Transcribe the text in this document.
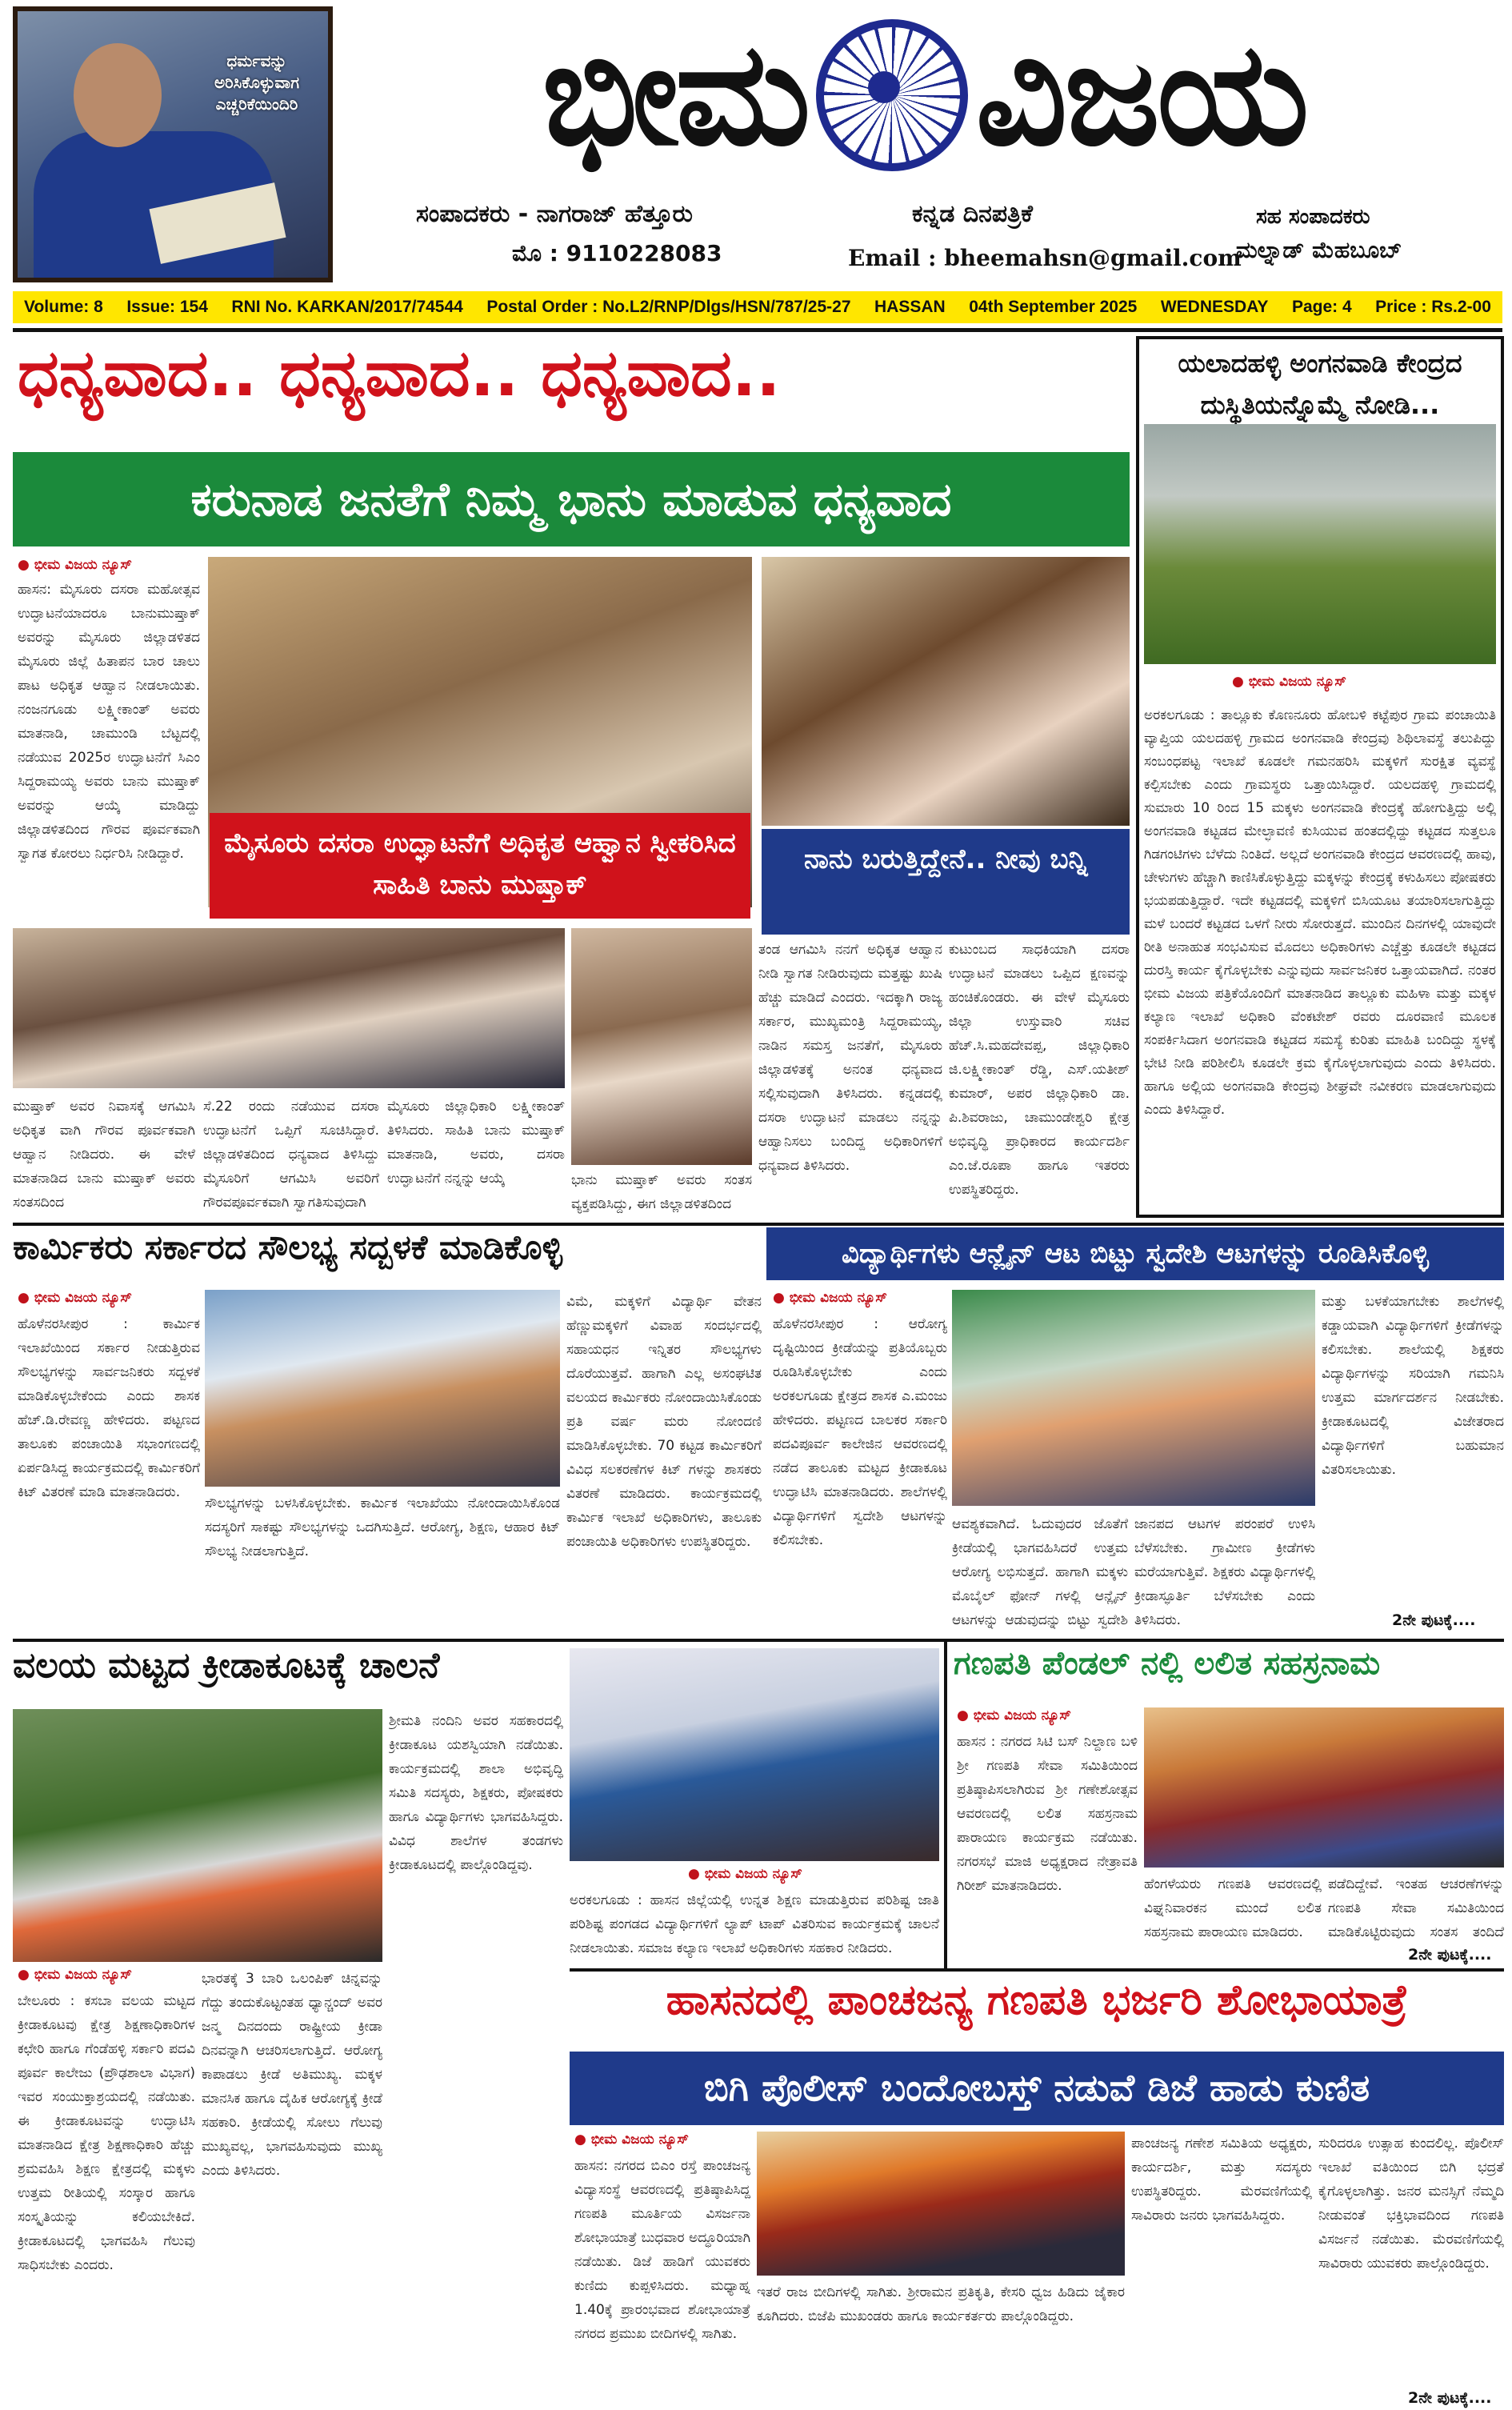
ಧರ್ಮವನ್ನು
ಅರಿಸಿಕೊಳ್ಳುವಾಗ
ಎಚ್ಚರಿಕೆಯಿಂದಿರಿ ಭೀಮ ವಿಜಯ
ಸಂಪಾದಕರು - ನಾಗರಾಜ್ ಹೆತ್ತೂರು
ಮೊ : 9110228083
ಕನ್ನಡ ದಿನಪತ್ರಿಕೆ
Email : bheemahsn@gmail.com
ಸಹ ಸಂಪಾದಕರು
ಮಲ್ನಾಡ್ ಮೆಹಬೂಬ್
Volume: 8 Issue: 154 RNI No. KARKAN/2017/74544 Postal Order : No.L2/RNP/Dlgs/HSN/787/25-27 HASSAN 04th September 2025 WEDNESDAY Page: 4 Price : Rs.2-00
ಧನ್ಯವಾದ.. ಧನ್ಯವಾದ.. ಧನ್ಯವಾದ..
ಕರುನಾಡ ಜನತೆಗೆ ನಿಮ್ಮ ಭಾನು ಮಾಡುವ ಧನ್ಯವಾದ
● ಭೀಮ ವಿಜಯ ನ್ಯೂಸ್
ಹಾಸನ: ಮೈಸೂರು ದಸರಾ ಮಹೋತ್ಸವ ಉದ್ಘಾಟನೆಯಾದರೂ ಬಾನುಮುಷ್ತಾಕ್ ಅವರನ್ನು ಮೈಸೂರು ಜಿಲ್ಲಾಡಳಿತದ ಮೈಸೂರು ಜಿಲ್ಲೆ ಹಿತಾಪನ ಬಾರ ಚಾಲು ಪಾಟ ಅಧಿಕೃತ ಆಹ್ವಾನ ನೀಡಲಾಯಿತು. ನಂಜನಗೂಡು ಲಕ್ಷ್ಮೀಕಾಂತ್ ಅವರು ಮಾತನಾಡಿ, ಚಾಮುಂಡಿ ಬೆಟ್ಟದಲ್ಲಿ ನಡೆಯುವ 2025ರ ಉದ್ಘಾಟನೆಗೆ ಸಿಎಂ ಸಿದ್ದರಾಮಯ್ಯ ಅವರು ಬಾನು ಮುಷ್ತಾಕ್ ಅವರನ್ನು ಆಯ್ಕೆ ಮಾಡಿದ್ದು ಜಿಲ್ಲಾಡಳಿತದಿಂದ ಗೌರವ ಪೂರ್ವಕವಾಗಿ ಸ್ವಾಗತ ಕೋರಲು ನಿರ್ಧರಿಸಿ ನೀಡಿದ್ದಾರೆ.	ಮೈಸೂರು ದಸರಾ ಉದ್ಘಾಟನೆಗೆ ಅಧಿಕೃತ ಆಹ್ವಾನ ಸ್ವೀಕರಿಸಿದ ಸಾಹಿತಿ ಬಾನು ಮುಷ್ತಾಕ್
ನಾನು ಬರುತ್ತಿದ್ದೇನೆ.. ನೀವು ಬನ್ನಿ
ಮುಷ್ತಾಕ್ ಅವರ ನಿವಾಸಕ್ಕೆ ಆಗಮಿಸಿ ಅಧಿಕೃತ ವಾಗಿ ಗೌರವ ಪೂರ್ವಕವಾಗಿ ಆಹ್ವಾನ ನೀಡಿದರು. ಈ ವೇಳೆ ಮಾತನಾಡಿದ ಬಾನು ಮುಷ್ತಾಕ್ ಅವರು ಸಂತಸದಿಂದ
ಸೆ.22 ರಂದು ನಡೆಯುವ ದಸರಾ ಉದ್ಘಾಟನೆಗೆ ಒಪ್ಪಿಗೆ ಸೂಚಿಸಿದ್ದಾರೆ. ಜಿಲ್ಲಾಡಳಿತದಿಂದ ಧನ್ಯವಾದ ತಿಳಿಸಿದ್ದು ಮೈಸೂರಿಗೆ ಆಗಮಿಸಿ ಅವರಿಗೆ ಗೌರವಪೂರ್ವಕವಾಗಿ ಸ್ವಾಗತಿಸುವುದಾಗಿ
ಮೈಸೂರು ಜಿಲ್ಲಾಧಿಕಾರಿ ಲಕ್ಷ್ಮೀಕಾಂತ್ ತಿಳಿಸಿದರು. ಸಾಹಿತಿ ಬಾನು ಮುಷ್ತಾಕ್ ಮಾತನಾಡಿ, ಅವರು, ದಸರಾ ಉದ್ಘಾಟನೆಗೆ ನನ್ನನ್ನು ಆಯ್ಕೆ	ಭಾನು ಮುಷ್ತಾಕ್ ಅವರು ಸಂತಸ ವ್ಯಕ್ತಪಡಿಸಿದ್ದು, ಈಗ ಜಿಲ್ಲಾಡಳಿತದಿಂದ
ತಂಡ ಆಗಮಿಸಿ ನನಗೆ ಅಧಿಕೃತ ಆಹ್ವಾನ ನೀಡಿ ಸ್ವಾಗತ ನೀಡಿರುವುದು ಮತ್ತಷ್ಟು ಖುಷಿ ಹೆಚ್ಚು ಮಾಡಿದೆ ಎಂದರು. ಇದಕ್ಕಾಗಿ ರಾಜ್ಯ ಸರ್ಕಾರ, ಮುಖ್ಯಮಂತ್ರಿ ಸಿದ್ದರಾಮಯ್ಯ, ನಾಡಿನ ಸಮಸ್ತ ಜನತೆಗೆ, ಮೈಸೂರು ಜಿಲ್ಲಾಡಳಿತಕ್ಕೆ ಅನಂತ ಧನ್ಯವಾದ ಸಲ್ಲಿಸುವುದಾಗಿ ತಿಳಿಸಿದರು. ಕನ್ನಡದಲ್ಲಿ ದಸರಾ ಉದ್ಘಾಟನೆ ಮಾಡಲು ನನ್ನನ್ನು ಆಹ್ವಾನಿಸಲು ಬಂದಿದ್ದ ಅಧಿಕಾರಿಗಳಿಗೆ ಧನ್ಯವಾದ ತಿಳಿಸಿದರು.
ಕುಟುಂಬದ ಸಾಧಕಿಯಾಗಿ ದಸರಾ ಉದ್ಘಾಟನೆ ಮಾಡಲು ಒಪ್ಪಿದ ಕ್ಷಣವನ್ನು ಹಂಚಿಕೊಂಡರು. ಈ ವೇಳೆ ಮೈಸೂರು ಜಿಲ್ಲಾ ಉಸ್ತುವಾರಿ ಸಚಿವ ಹೆಚ್.ಸಿ.ಮಹದೇವಪ್ಪ, ಜಿಲ್ಲಾಧಿಕಾರಿ ಜಿ.ಲಕ್ಷ್ಮೀಕಾಂತ್ ರೆಡ್ಡಿ, ಎಸ್.ಯತೀಶ್ ಕುಮಾರ್, ಅಪರ ಜಿಲ್ಲಾಧಿಕಾರಿ ಡಾ. ಪಿ.ಶಿವರಾಜು, ಚಾಮುಂಡೇಶ್ವರಿ ಕ್ಷೇತ್ರ ಅಭಿವೃದ್ಧಿ ಪ್ರಾಧಿಕಾರದ ಕಾರ್ಯದರ್ಶಿ ಎಂ.ಜೆ.ರೂಪಾ ಹಾಗೂ ಇತರರು ಉಪಸ್ಥಿತರಿದ್ದರು.
ಯಲಾದಹಳ್ಳಿ ಅಂಗನವಾಡಿ ಕೇಂದ್ರದ
ದುಸ್ಥಿತಿಯನ್ನೊಮ್ಮೆ ನೋಡಿ...
● ಭೀಮ ವಿಜಯ ನ್ಯೂಸ್
ಅರಕಲಗೂಡು : ತಾಲ್ಲೂಕು ಕೊಣನೂರು ಹೋಬಳಿ ಕಟ್ಟೆಪುರ ಗ್ರಾಮ ಪಂಚಾಯಿತಿ ವ್ಯಾಪ್ತಿಯ ಯಲದಹಳ್ಳಿ ಗ್ರಾಮದ ಅಂಗನವಾಡಿ ಕೇಂದ್ರವು ಶಿಥಿಲಾವಸ್ಥೆ ತಲುಪಿದ್ದು ಸಂಬಂಧಪಟ್ಟ ಇಲಾಖೆ ಕೂಡಲೇ ಗಮನಹರಿಸಿ ಮಕ್ಕಳಿಗೆ ಸುರಕ್ಷಿತ ವ್ಯವಸ್ಥೆ ಕಲ್ಪಿಸಬೇಕು ಎಂದು ಗ್ರಾಮಸ್ಥರು ಒತ್ತಾಯಿಸಿದ್ದಾರೆ. ಯಲದಹಳ್ಳಿ ಗ್ರಾಮದಲ್ಲಿ ಸುಮಾರು 10 ರಿಂದ 15 ಮಕ್ಕಳು ಅಂಗನವಾಡಿ ಕೇಂದ್ರಕ್ಕೆ ಹೋಗುತ್ತಿದ್ದು ಅಲ್ಲಿ ಅಂಗನವಾಡಿ ಕಟ್ಟಡದ ಮೇಲ್ಛಾವಣಿ ಕುಸಿಯುವ ಹಂತದಲ್ಲಿದ್ದು ಕಟ್ಟಡದ ಸುತ್ತಲೂ ಗಿಡಗಂಟಿಗಳು ಬೆಳೆದು ನಿಂತಿದೆ. ಅಲ್ಲದೆ ಅಂಗನವಾಡಿ ಕೇಂದ್ರದ ಆವರಣದಲ್ಲಿ ಹಾವು, ಚೇಳುಗಳು ಹೆಚ್ಚಾಗಿ ಕಾಣಿಸಿಕೊಳ್ಳುತ್ತಿದ್ದು ಮಕ್ಕಳನ್ನು ಕೇಂದ್ರಕ್ಕೆ ಕಳುಹಿಸಲು ಪೋಷಕರು ಭಯಪಡುತ್ತಿದ್ದಾರೆ. ಇದೇ ಕಟ್ಟಡದಲ್ಲಿ ಮಕ್ಕಳಿಗೆ ಬಿಸಿಯೂಟ ತಯಾರಿಸಲಾಗುತ್ತಿದ್ದು ಮಳೆ ಬಂದರೆ ಕಟ್ಟಡದ ಒಳಗೆ ನೀರು ಸೋರುತ್ತದೆ. ಮುಂದಿನ ದಿನಗಳಲ್ಲಿ ಯಾವುದೇ ರೀತಿ ಅನಾಹುತ ಸಂಭವಿಸುವ ಮೊದಲು ಅಧಿಕಾರಿಗಳು ಎಚ್ಚೆತ್ತು ಕೂಡಲೇ ಕಟ್ಟಡದ ದುರಸ್ತಿ ಕಾರ್ಯ ಕೈಗೊಳ್ಳಬೇಕು ಎನ್ನುವುದು ಸಾರ್ವಜನಿಕರ ಒತ್ತಾಯವಾಗಿದೆ. ನಂತರ ಭೀಮ ವಿಜಯ ಪತ್ರಿಕೆಯೊಂದಿಗೆ ಮಾತನಾಡಿದ ತಾಲ್ಲೂಕು ಮಹಿಳಾ ಮತ್ತು ಮಕ್ಕಳ ಕಲ್ಯಾಣ ಇಲಾಖೆ ಅಧಿಕಾರಿ ವೆಂಕಟೇಶ್ ರವರು ದೂರವಾಣಿ ಮೂಲಕ ಸಂಪರ್ಕಿಸಿದಾಗ ಅಂಗನವಾಡಿ ಕಟ್ಟಡದ ಸಮಸ್ಯೆ ಕುರಿತು ಮಾಹಿತಿ ಬಂದಿದ್ದು ಸ್ಥಳಕ್ಕೆ ಭೇಟಿ ನೀಡಿ ಪರಿಶೀಲಿಸಿ ಕೂಡಲೇ ಕ್ರಮ ಕೈಗೊಳ್ಳಲಾಗುವುದು ಎಂದು ತಿಳಿಸಿದರು. ಹಾಗೂ ಅಲ್ಲಿಯ ಅಂಗನವಾಡಿ ಕೇಂದ್ರವು ಶೀಘ್ರವೇ ನವೀಕರಣ ಮಾಡಲಾಗುವುದು ಎಂದು ತಿಳಿಸಿದ್ದಾರೆ.
ಕಾರ್ಮಿಕರು ಸರ್ಕಾರದ ಸೌಲಭ್ಯ ಸದ್ಬಳಕೆ ಮಾಡಿಕೊಳ್ಳಿ
● ಭೀಮ ವಿಜಯ ನ್ಯೂಸ್
ಹೊಳೆನರಸೀಪುರ : ಕಾರ್ಮಿಕ ಇಲಾಖೆಯಿಂದ ಸರ್ಕಾರ ನೀಡುತ್ತಿರುವ ಸೌಲಭ್ಯಗಳನ್ನು ಸಾರ್ವಜನಿಕರು ಸದ್ಬಳಕೆ ಮಾಡಿಕೊಳ್ಳಬೇಕೆಂದು ಎಂದು ಶಾಸಕ ಹೆಚ್.ಡಿ.ರೇವಣ್ಣ ಹೇಳಿದರು. ಪಟ್ಟಣದ ತಾಲೂಕು ಪಂಚಾಯಿತಿ ಸಭಾಂಗಣದಲ್ಲಿ ಏರ್ಪಡಿಸಿದ್ದ ಕಾರ್ಯಕ್ರಮದಲ್ಲಿ ಕಾರ್ಮಿಕರಿಗೆ ಕಿಟ್ ವಿತರಣೆ ಮಾಡಿ ಮಾತನಾಡಿದರು.
ಸೌಲಭ್ಯಗಳನ್ನು ಬಳಸಿಕೊಳ್ಳಬೇಕು. ಕಾರ್ಮಿಕ ಇಲಾಖೆಯು ನೋಂದಾಯಿಸಿಕೊಂಡ ಸದಸ್ಯರಿಗೆ ಸಾಕಷ್ಟು ಸೌಲಭ್ಯಗಳನ್ನು ಒದಗಿಸುತ್ತಿದೆ. ಆರೋಗ್ಯ, ಶಿಕ್ಷಣ, ಆಹಾರ ಕಿಟ್ ಸೌಲಭ್ಯ ನೀಡಲಾಗುತ್ತಿದೆ.
ವಿಮೆ, ಮಕ್ಕಳಿಗೆ ವಿದ್ಯಾರ್ಥಿ ವೇತನ ಹೆಣ್ಣುಮಕ್ಕಳಿಗೆ ವಿವಾಹ ಸಂದರ್ಭದಲ್ಲಿ ಸಹಾಯಧನ ಇನ್ನಿತರ ಸೌಲಭ್ಯಗಳು ದೊರೆಯುತ್ತವೆ. ಹಾಗಾಗಿ ಎಲ್ಲ ಅಸಂಘಟಿತ ವಲಯದ ಕಾರ್ಮಿಕರು ನೋಂದಾಯಿಸಿಕೊಂಡು ಪ್ರತಿ ವರ್ಷ ಮರು ನೋಂದಣಿ ಮಾಡಿಸಿಕೊಳ್ಳಬೇಕು. 70 ಕಟ್ಟಡ ಕಾರ್ಮಿಕರಿಗೆ ವಿವಿಧ ಸಲಕರಣೆಗಳ ಕಿಟ್ ಗಳನ್ನು ಶಾಸಕರು ವಿತರಣೆ ಮಾಡಿದರು. ಕಾರ್ಯಕ್ರಮದಲ್ಲಿ ಕಾರ್ಮಿಕ ಇಲಾಖೆ ಅಧಿಕಾರಿಗಳು, ತಾಲೂಕು ಪಂಚಾಯಿತಿ ಅಧಿಕಾರಿಗಳು ಉಪಸ್ಥಿತರಿದ್ದರು.
ವಿದ್ಯಾರ್ಥಿಗಳು ಆನ್ಲೈನ್ ಆಟ ಬಿಟ್ಟು ಸ್ವದೇಶಿ ಆಟಗಳನ್ನು ರೂಡಿಸಿಕೊಳ್ಳಿ
● ಭೀಮ ವಿಜಯ ನ್ಯೂಸ್
ಹೊಳೆನರಸೀಪುರ : ಆರೋಗ್ಯ ದೃಷ್ಟಿಯಿಂದ ಕ್ರೀಡೆಯನ್ನು ಪ್ರತಿಯೊಬ್ಬರು ರೂಡಿಸಿಕೊಳ್ಳಬೇಕು ಎಂದು ಅರಕಲಗೂಡು ಕ್ಷೇತ್ರದ ಶಾಸಕ ಎ.ಮಂಜು ಹೇಳಿದರು. ಪಟ್ಟಣದ ಬಾಲಕರ ಸರ್ಕಾರಿ ಪದವಿಪೂರ್ವ ಕಾಲೇಜಿನ ಆವರಣದಲ್ಲಿ ನಡೆದ ತಾಲೂಕು ಮಟ್ಟದ ಕ್ರೀಡಾಕೂಟ ಉದ್ಘಾಟಿಸಿ ಮಾತನಾಡಿದರು. ಶಾಲೆಗಳಲ್ಲಿ ವಿದ್ಯಾರ್ಥಿಗಳಿಗೆ ಸ್ವದೇಶಿ ಆಟಗಳನ್ನು ಕಲಿಸಬೇಕು.
ಆವಶ್ಯಕವಾಗಿದೆ. ಓದುವುದರ ಜೊತೆಗೆ ಕ್ರೀಡೆಯಲ್ಲಿ ಭಾಗವಹಿಸಿದರೆ ಉತ್ತಮ ಆರೋಗ್ಯ ಲಭಿಸುತ್ತದೆ. ಹಾಗಾಗಿ ಮಕ್ಕಳು ಮೊಬೈಲ್ ಫೋನ್ ಗಳಲ್ಲಿ ಆನ್ಲೈನ್ ಆಟಗಳನ್ನು ಆಡುವುದನ್ನು ಬಿಟ್ಟು ಸ್ವದೇಶಿ
ಜಾನಪದ ಆಟಗಳ ಪರಂಪರೆ ಉಳಿಸಿ ಬೆಳೆಸಬೇಕು. ಗ್ರಾಮೀಣ ಕ್ರೀಡೆಗಳು ಮರೆಯಾಗುತ್ತಿವೆ. ಶಿಕ್ಷಕರು ವಿದ್ಯಾರ್ಥಿಗಳಲ್ಲಿ ಕ್ರೀಡಾಸ್ಫೂರ್ತಿ ಬೆಳೆಸಬೇಕು ಎಂದು ತಿಳಿಸಿದರು.
ಮತ್ತು ಬಳಕೆಯಾಗಬೇಕು ಶಾಲೆಗಳಲ್ಲಿ ಕಡ್ಡಾಯವಾಗಿ ವಿದ್ಯಾರ್ಥಿಗಳಿಗೆ ಕ್ರೀಡೆಗಳನ್ನು ಕಲಿಸಬೇಕು. ಶಾಲೆಯಲ್ಲಿ ಶಿಕ್ಷಕರು ವಿದ್ಯಾರ್ಥಿಗಳನ್ನು ಸರಿಯಾಗಿ ಗಮನಿಸಿ ಉತ್ತಮ ಮಾರ್ಗದರ್ಶನ ನೀಡಬೇಕು. ಕ್ರೀಡಾಕೂಟದಲ್ಲಿ ವಿಜೇತರಾದ ವಿದ್ಯಾರ್ಥಿಗಳಿಗೆ ಬಹುಮಾನ ವಿತರಿಸಲಾಯಿತು.
2ನೇ ಪುಟಕ್ಕೆ....
ವಲಯ ಮಟ್ಟದ ಕ್ರೀಡಾಕೂಟಕ್ಕೆ ಚಾಲನೆ
● ಭೀಮ ವಿಜಯ ನ್ಯೂಸ್
ಬೇಲೂರು : ಕಸಬಾ ವಲಯ ಮಟ್ಟದ ಕ್ರೀಡಾಕೂಟವು ಕ್ಷೇತ್ರ ಶಿಕ್ಷಣಾಧಿಕಾರಿಗಳ ಕಛೇರಿ ಹಾಗೂ ಗೆಂಡೆಹಳ್ಳಿ ಸರ್ಕಾರಿ ಪದವಿ ಪೂರ್ವ ಕಾಲೇಜು (ಪ್ರೌಢಶಾಲಾ ವಿಭಾಗ) ಇವರ ಸಂಯುಕ್ತಾಶ್ರಯದಲ್ಲಿ ನಡೆಯಿತು. ಈ ಕ್ರೀಡಾಕೂಟವನ್ನು ಉದ್ಘಾಟಿಸಿ ಮಾತನಾಡಿದ ಕ್ಷೇತ್ರ ಶಿಕ್ಷಣಾಧಿಕಾರಿ ಹೆಚ್ಚು ಶ್ರಮವಹಿಸಿ ಶಿಕ್ಷಣ ಕ್ಷೇತ್ರದಲ್ಲಿ ಮಕ್ಕಳು ಉತ್ತಮ ರೀತಿಯಲ್ಲಿ ಸಂಸ್ಕಾರ ಹಾಗೂ ಸಂಸ್ಕೃತಿಯನ್ನು ಕಲಿಯಬೇಕಿದೆ. ಕ್ರೀಡಾಕೂಟದಲ್ಲಿ ಭಾಗವಹಿಸಿ ಗೆಲುವು ಸಾಧಿಸಬೇಕು ಎಂದರು.
ಭಾರತಕ್ಕೆ 3 ಬಾರಿ ಒಲಂಪಿಕ್ ಚಿನ್ನವನ್ನು ಗೆದ್ದು ತಂದುಕೊಟ್ಟಂತಹ ಧ್ಯಾನ್ಚಂದ್ ಅವರ ಜನ್ಮ ದಿನದಂದು ರಾಷ್ಟ್ರೀಯ ಕ್ರೀಡಾ ದಿನವನ್ನಾಗಿ ಆಚರಿಸಲಾಗುತ್ತಿದೆ. ಆರೋಗ್ಯ ಕಾಪಾಡಲು ಕ್ರೀಡೆ ಅತಿಮುಖ್ಯ. ಮಕ್ಕಳ ಮಾನಸಿಕ ಹಾಗೂ ದೈಹಿಕ ಆರೋಗ್ಯಕ್ಕೆ ಕ್ರೀಡೆ ಸಹಕಾರಿ. ಕ್ರೀಡೆಯಲ್ಲಿ ಸೋಲು ಗೆಲುವು ಮುಖ್ಯವಲ್ಲ, ಭಾಗವಹಿಸುವುದು ಮುಖ್ಯ ಎಂದು ತಿಳಿಸಿದರು.
ಶ್ರೀಮತಿ ನಂದಿನಿ ಅವರ ಸಹಕಾರದಲ್ಲಿ ಕ್ರೀಡಾಕೂಟ ಯಶಸ್ವಿಯಾಗಿ ನಡೆಯಿತು. ಕಾರ್ಯಕ್ರಮದಲ್ಲಿ ಶಾಲಾ ಅಭಿವೃದ್ಧಿ ಸಮಿತಿ ಸದಸ್ಯರು, ಶಿಕ್ಷಕರು, ಪೋಷಕರು ಹಾಗೂ ವಿದ್ಯಾರ್ಥಿಗಳು ಭಾಗವಹಿಸಿದ್ದರು. ವಿವಿಧ ಶಾಲೆಗಳ ತಂಡಗಳು ಕ್ರೀಡಾಕೂಟದಲ್ಲಿ ಪಾಲ್ಗೊಂಡಿದ್ದವು.
● ಭೀಮ ವಿಜಯ ನ್ಯೂಸ್
ಅರಕಲಗೂಡು : ಹಾಸನ ಜಿಲ್ಲೆಯಲ್ಲಿ ಉನ್ನತ ಶಿಕ್ಷಣ ಮಾಡುತ್ತಿರುವ ಪರಿಶಿಷ್ಟ ಜಾತಿ ಪರಿಶಿಷ್ಟ ಪಂಗಡದ ವಿದ್ಯಾರ್ಥಿಗಳಿಗೆ ಲ್ಯಾಪ್ ಟಾಪ್ ವಿತರಿಸುವ ಕಾರ್ಯಕ್ರಮಕ್ಕೆ ಚಾಲನೆ ನೀಡಲಾಯಿತು. ಸಮಾಜ ಕಲ್ಯಾಣ ಇಲಾಖೆ ಅಧಿಕಾರಿಗಳು ಸಹಕಾರ ನೀಡಿದರು.
ಗಣಪತಿ ಪೆಂಡಲ್ ನಲ್ಲಿ ಲಲಿತ ಸಹಸ್ರನಾಮ
● ಭೀಮ ವಿಜಯ ನ್ಯೂಸ್
ಹಾಸನ : ನಗರದ ಸಿಟಿ ಬಸ್ ನಿಲ್ದಾಣ ಬಳಿ ಶ್ರೀ ಗಣಪತಿ ಸೇವಾ ಸಮಿತಿಯಿಂದ ಪ್ರತಿಷ್ಠಾಪಿಸಲಾಗಿರುವ ಶ್ರೀ ಗಣೇಶೋತ್ಸವ ಆವರಣದಲ್ಲಿ ಲಲಿತ ಸಹಸ್ರನಾಮ ಪಾರಾಯಣ ಕಾರ್ಯಕ್ರಮ ನಡೆಯಿತು. ನಗರಸಭೆ ಮಾಜಿ ಅಧ್ಯಕ್ಷರಾದ ನೇತ್ರಾವತಿ ಗಿರೀಶ್ ಮಾತನಾಡಿದರು.	ಹೆಂಗಳೆಯರು ಗಣಪತಿ ಆವರಣದಲ್ಲಿ ವಿಘ್ನನಿವಾರಕನ ಮುಂದೆ ಲಲಿತ ಸಹಸ್ರನಾಮ ಪಾರಾಯಣ ಮಾಡಿದರು.
ಪಡೆದಿದ್ದೇವೆ. ಇಂತಹ ಆಚರಣೆಗಳನ್ನು ಗಣಪತಿ ಸೇವಾ ಸಮಿತಿಯಿಂದ ಮಾಡಿಕೊಟ್ಟಿರುವುದು ಸಂತಸ ತಂದಿದೆ
2ನೇ ಪುಟಕ್ಕೆ....
ಹಾಸನದಲ್ಲಿ ಪಾಂಚಜನ್ಯ ಗಣಪತಿ ಭರ್ಜರಿ ಶೋಭಾಯಾತ್ರೆ
ಬಿಗಿ ಪೊಲೀಸ್ ಬಂದೋಬಸ್ತ್ ನಡುವೆ ಡಿಜೆ ಹಾಡು ಕುಣಿತ
● ಭೀಮ ವಿಜಯ ನ್ಯೂಸ್
ಹಾಸನ: ನಗರದ ಬಿಎಂ ರಸ್ತೆ ಪಾಂಚಜನ್ಯ ವಿದ್ಯಾಸಂಸ್ಥೆ ಆವರಣದಲ್ಲಿ ಪ್ರತಿಷ್ಠಾಪಿಸಿದ್ದ ಗಣಪತಿ ಮೂರ್ತಿಯ ವಿಸರ್ಜನಾ ಶೋಭಾಯಾತ್ರೆ ಬುಧವಾರ ಅದ್ಧೂರಿಯಾಗಿ ನಡೆಯಿತು. ಡಿಜೆ ಹಾಡಿಗೆ ಯುವಕರು ಕುಣಿದು ಕುಪ್ಪಳಿಸಿದರು. ಮಧ್ಯಾಹ್ನ 1.40ಕ್ಕೆ ಪ್ರಾರಂಭವಾದ ಶೋಭಾಯಾತ್ರೆ ನಗರದ ಪ್ರಮುಖ ಬೀದಿಗಳಲ್ಲಿ ಸಾಗಿತು.
ಇತರೆ ರಾಜ ಬೀದಿಗಳಲ್ಲಿ ಸಾಗಿತು. ಶ್ರೀರಾಮನ ಪ್ರತಿಕೃತಿ, ಕೇಸರಿ ಧ್ವಜ ಹಿಡಿದು ಜೈಕಾರ ಕೂಗಿದರು. ಬಿಜೆಪಿ ಮುಖಂಡರು ಹಾಗೂ ಕಾರ್ಯಕರ್ತರು ಪಾಲ್ಗೊಂಡಿದ್ದರು.
ಪಾಂಚಜನ್ಯ ಗಣೇಶ ಸಮಿತಿಯ ಅಧ್ಯಕ್ಷರು, ಕಾರ್ಯದರ್ಶಿ, ಮತ್ತು ಸದಸ್ಯರು ಉಪಸ್ಥಿತರಿದ್ದರು. ಮೆರವಣಿಗೆಯಲ್ಲಿ ಸಾವಿರಾರು ಜನರು ಭಾಗವಹಿಸಿದ್ದರು.
ಸುರಿದರೂ ಉತ್ಸಾಹ ಕುಂದಲಿಲ್ಲ. ಪೊಲೀಸ್ ಇಲಾಖೆ ವತಿಯಿಂದ ಬಿಗಿ ಭದ್ರತೆ ಕೈಗೊಳ್ಳಲಾಗಿತ್ತು. ಜನರ ಮನಸ್ಸಿಗೆ ನೆಮ್ಮದಿ ನೀಡುವಂತೆ ಭಕ್ತಿಭಾವದಿಂದ ಗಣಪತಿ ವಿಸರ್ಜನೆ ನಡೆಯಿತು. ಮೆರವಣಿಗೆಯಲ್ಲಿ ಸಾವಿರಾರು ಯುವಕರು ಪಾಲ್ಗೊಂಡಿದ್ದರು.
2ನೇ ಪುಟಕ್ಕೆ....
